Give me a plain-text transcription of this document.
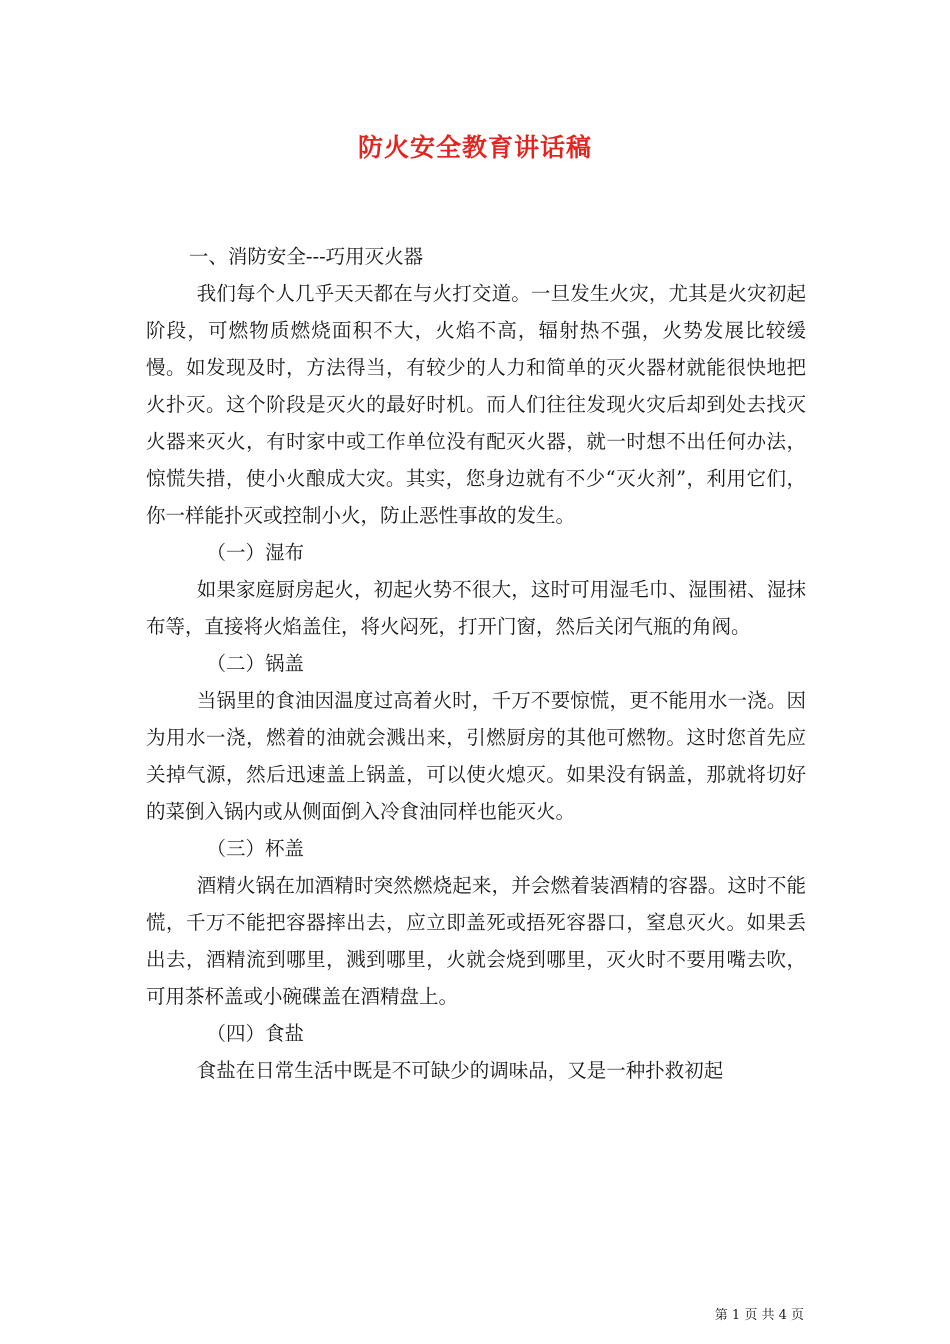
防火安全教育讲话稿

一、消防安全---巧用灭火器

我们每个人几乎天天都在与火打交道。一旦发生火灾，尤其是火灾初起阶段，可燃物质燃烧面积不大，火焰不高，辐射热不强，火势发展比较缓慢。如发现及时，方法得当，有较少的人力和简单的灭火器材就能很快地把火扑灭。这个阶段是灭火的最好时机。而人们往往发现火灾后却到处去找灭火器来灭火，有时家中或工作单位没有配灭火器，就一时想不出任何办法，惊慌失措，使小火酿成大灾。其实，您身边就有不少“灭火剂”，利用它们，你一样能扑灭或控制小火，防止恶性事故的发生。

（一）湿布

如果家庭厨房起火，初起火势不很大，这时可用湿毛巾、湿围裙、湿抹布等，直接将火焰盖住，将火闷死，打开门窗，然后关闭气瓶的角阀。

（二）锅盖

当锅里的食油因温度过高着火时，千万不要惊慌，更不能用水一浇。因为用水一浇，燃着的油就会溅出来，引燃厨房的其他可燃物。这时您首先应关掉气源，然后迅速盖上锅盖，可以使火熄灭。如果没有锅盖，那就将切好的菜倒入锅内或从侧面倒入冷食油同样也能灭火。

（三）杯盖

酒精火锅在加酒精时突然燃烧起来，并会燃着装酒精的容器。这时不能慌，千万不能把容器摔出去，应立即盖死或捂死容器口，窒息灭火。如果丢出去，酒精流到哪里，溅到哪里，火就会烧到哪里，灭火时不要用嘴去吹，可用茶杯盖或小碗碟盖在酒精盘上。

（四）食盐

食盐在日常生活中既是不可缺少的调味品，又是一种扑救初起

第 1 页 共 4 页
